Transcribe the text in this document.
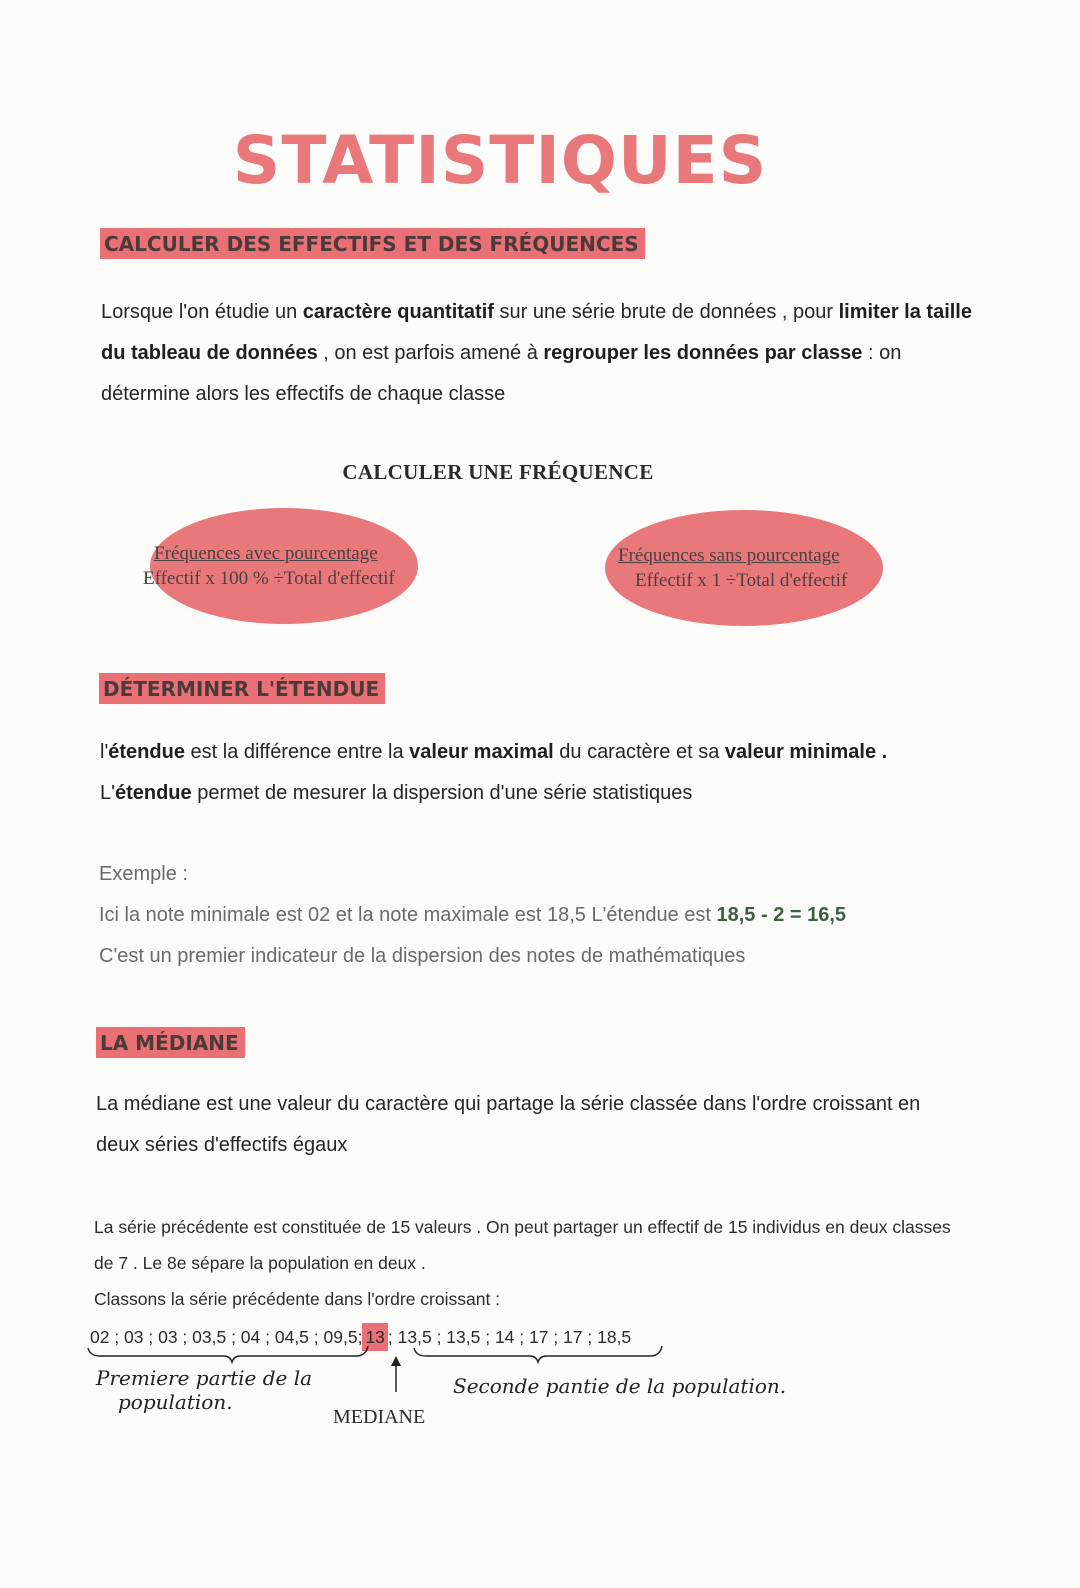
STATISTIQUES
CALCULER DES EFFECTIFS ET DES FRÉQUENCES
Lorsque l'on étudie un caractère quantitatif sur une série brute de données , pour limiter la taille du tableau de données , on est parfois amené à regrouper les données par classe : on détermine alors les effectifs de chaque classe
CALCULER UNE FRÉQUENCE
Fréquences avec pourcentage
Effectif x 100 % ÷Total d'effectif
Fréquences sans pourcentage
Effectif x 1 ÷Total d'effectif
DÉTERMINER L'ÉTENDUE
l'étendue est la différence entre la valeur maximal du caractère et sa valeur minimale .
L'étendue permet de mesurer la dispersion d'une série statistiques
Exemple :
Ici la note minimale est 02 et la note maximale est 18,5 L'étendue est 18,5 - 2 = 16,5
C'est un premier indicateur de la dispersion des notes de mathématiques
LA MÉDIANE
La médiane est une valeur du caractère qui partage la série classée dans l'ordre croissant en deux séries d'effectifs égaux
La série précédente est constituée de 15 valeurs . On peut partager un effectif de 15 individus en deux classes de 7 . Le 8e sépare la population en deux .
Classons la série précédente dans l'ordre croissant :
02 ; 03 ; 03 ; 03,5 ; 04 ; 04,5 ; 09,5; 13 ; 13,5 ; 13,5 ; 14 ; 17 ; 17 ; 18,5
Premiere partie de la
population.
Seconde pantie de la population.
MEDIANE
